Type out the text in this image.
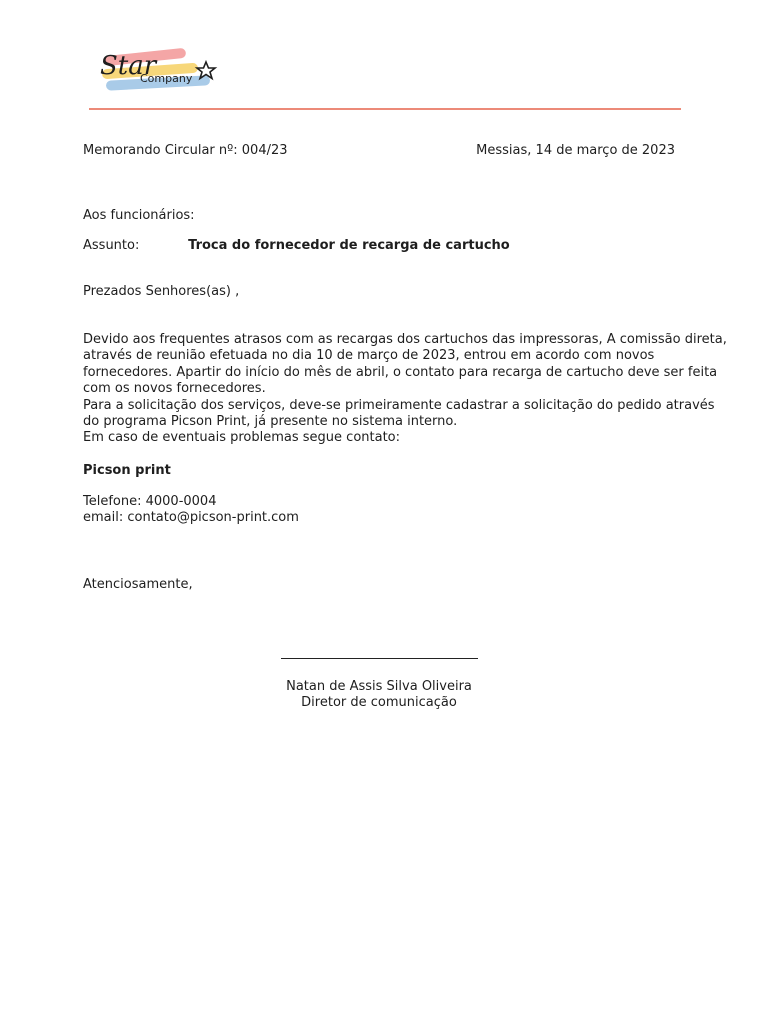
Star
Company
Memorando Circular nº: 004/23	Messias, 14 de março de 2023
Aos funcionários:
Assunto:	Troca do fornecedor de recarga de cartucho
Prezados Senhores(as) ,
Devido aos frequentes atrasos com as recargas dos cartuchos das impressoras, A comissão direta,
através de reunião efetuada no dia 10 de março de 2023, entrou em acordo com novos
fornecedores. Apartir do início do mês de abril, o contato para recarga de cartucho deve ser feita
com os novos fornecedores.
Para a solicitação dos serviços, deve-se primeiramente cadastrar a solicitação do pedido através
do programa Picson Print, já presente no sistema interno.
Em caso de eventuais problemas segue contato:
Picson print
Telefone: 4000-0004
email: contato@picson-print.com
Atenciosamente,
Natan de Assis Silva Oliveira
Diretor de comunicação
